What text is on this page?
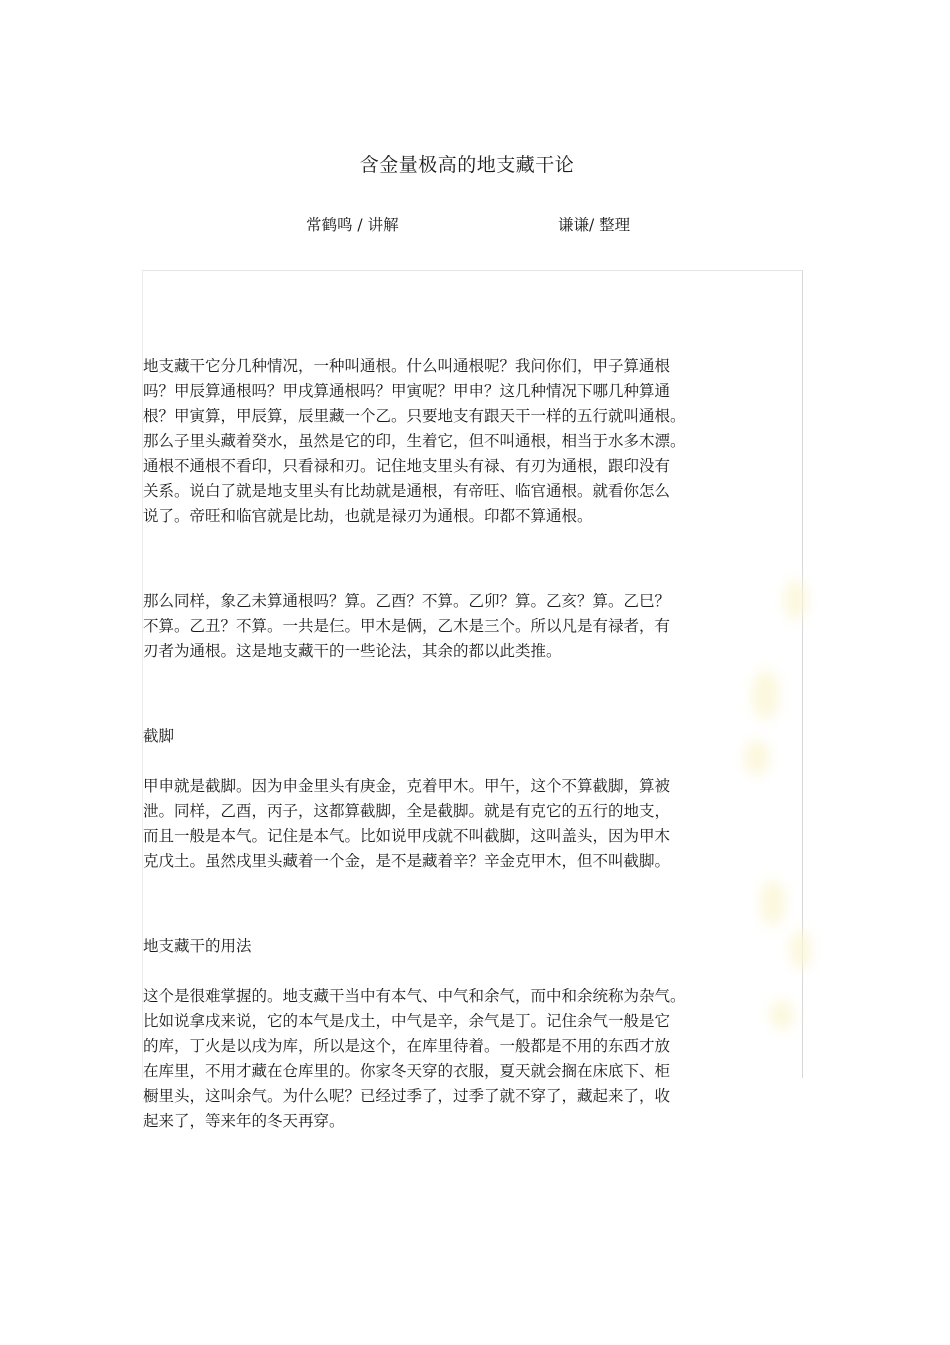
含金量极高的地支藏干论
常鹤鸣 / 讲解	谦谦/ 整理

地支藏干它分几种情况，一种叫通根。什么叫通根呢？我问你们，甲子算通根
吗？甲辰算通根吗？甲戌算通根吗？甲寅呢？甲申？这几种情况下哪几种算通
根？甲寅算，甲辰算，辰里藏一个乙。只要地支有跟天干一样的五行就叫通根。
那么子里头藏着癸水，虽然是它的印，生着它，但不叫通根，相当于水多木漂。
通根不通根不看印，只看禄和刃。记住地支里头有禄、有刃为通根，跟印没有
关系。说白了就是地支里头有比劫就是通根，有帝旺、临官通根。就看你怎么
说了。帝旺和临官就是比劫，也就是禄刃为通根。印都不算通根。

那么同样，象乙未算通根吗？算。乙酉？不算。乙卯？算。乙亥？算。乙巳？
不算。乙丑？不算。一共是仨。甲木是俩，乙木是三个。所以凡是有禄者，有
刃者为通根。这是地支藏干的一些论法，其余的都以此类推。

截脚

甲申就是截脚。因为申金里头有庚金，克着甲木。甲午，这个不算截脚，算被
泄。同样，乙酉，丙子，这都算截脚，全是截脚。就是有克它的五行的地支，
而且一般是本气。记住是本气。比如说甲戌就不叫截脚，这叫盖头，因为甲木
克戊土。虽然戌里头藏着一个金，是不是藏着辛？辛金克甲木，但不叫截脚。

地支藏干的用法

这个是很难掌握的。地支藏干当中有本气、中气和余气，而中和余统称为杂气。
比如说拿戌来说，它的本气是戊土，中气是辛，余气是丁。记住余气一般是它
的库，丁火是以戌为库，所以是这个，在库里待着。一般都是不用的东西才放
在库里，不用才藏在仓库里的。你家冬天穿的衣服，夏天就会搁在床底下、柜
橱里头，这叫余气。为什么呢？已经过季了，过季了就不穿了，藏起来了，收
起来了，等来年的冬天再穿。
